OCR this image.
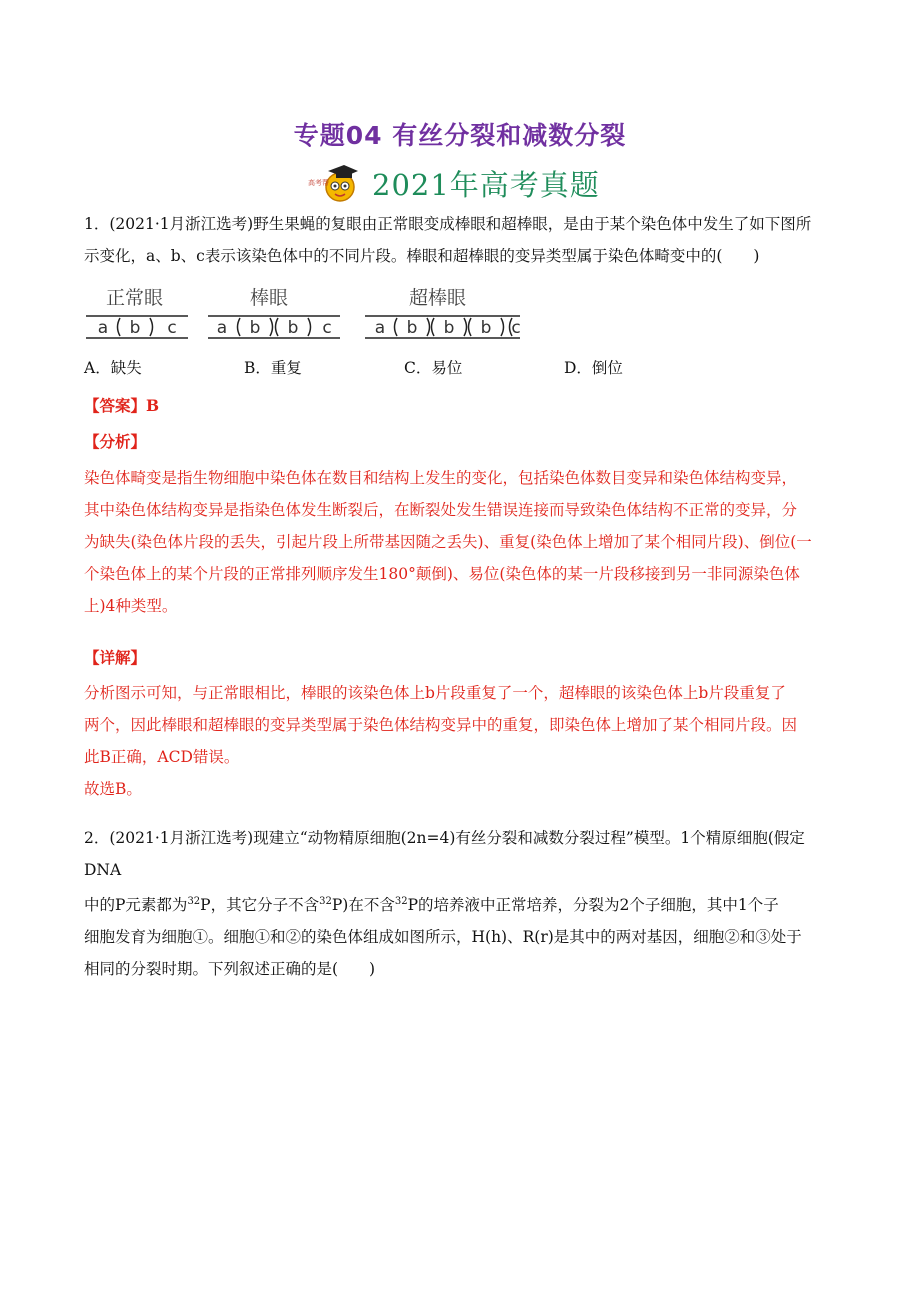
专题04 有丝分裂和减数分裂
高考帮 2021年高考真题
1．(2021·1月浙江选考)野生果蝇的复眼由正常眼变成棒眼和超棒眼，是由于某个染色体中发生了如下图所
示变化，a、b、c表示该染色体中的不同片段。棒眼和超棒眼的变异类型属于染色体畸变中的(　　)
正常眼	棒眼	超棒眼
a b c a b b c	a b b b c
A．缺失	B．重复	C．易位	D．倒位
【答案】B
【分析】
染色体畸变是指生物细胞中染色体在数目和结构上发生的变化，包括染色体数目变异和染色体结构变异，
其中染色体结构变异是指染色体发生断裂后，在断裂处发生错误连接而导致染色体结构不正常的变异，分
为缺失(染色体片段的丢失，引起片段上所带基因随之丢失)、重复(染色体上增加了某个相同片段)、倒位(一
个染色体上的某个片段的正常排列顺序发生180°颠倒)、易位(染色体的某一片段移接到另一非同源染色体
上)4种类型。
【详解】
分析图示可知，与正常眼相比，棒眼的该染色体上b片段重复了一个，超棒眼的该染色体上b片段重复了
两个，因此棒眼和超棒眼的变异类型属于染色体结构变异中的重复，即染色体上增加了某个相同片段。因
此B正确，ACD错误。
故选B。
2．(2021·1月浙江选考)现建立“动物精原细胞(2n=4)有丝分裂和减数分裂过程”模型。1个精原细胞(假定DNA
中的P元素都为$^{32}$P，其它分子不含$^{32}$P)在不含$^{32}$P的培养液中正常培养，分裂为2个子细胞，其中1个子
细胞发育为细胞①。细胞①和②的染色体组成如图所示，H(h)、R(r)是其中的两对基因，细胞②和③处于
相同的分裂时期。下列叙述正确的是(　　)
